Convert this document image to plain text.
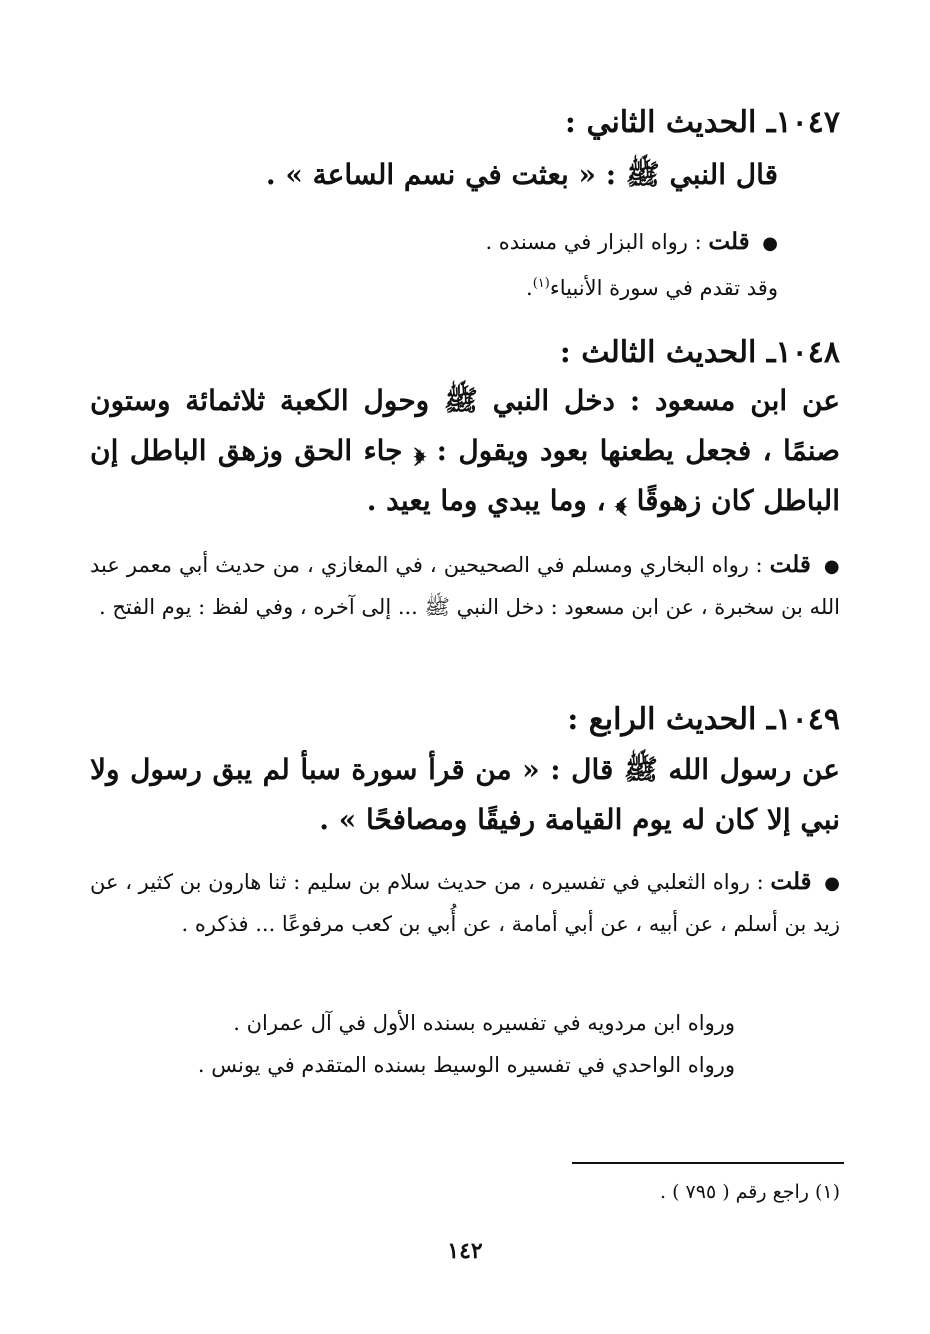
١٠٤٧ـ الحديث الثاني :
قال النبي ﷺ : « بعثت في نسم الساعة » .
● قلت : رواه البزار في مسنده .
وقد تقدم في سورة الأنبياء$^{(١)}$.
١٠٤٨ـ الحديث الثالث :
عن ابن مسعود : دخل النبي ﷺ وحول الكعبة ثلاثمائة وستون صنمًا ، فجعل يطعنها بعود ويقول : ﴿ جاء الحق وزهق الباطل إن الباطل كان زهوقًا ﴾ ، وما يبدي وما يعيد .
● قلت : رواه البخاري ومسلم في الصحيحين ، في المغازي ، من حديث أبي معمر عبد الله بن سخبرة ، عن ابن مسعود : دخل النبي ﷺ ... إلى آخره ، وفي لفظ : يوم الفتح .
١٠٤٩ـ الحديث الرابع :
عن رسول الله ﷺ قال : « من قرأ سورة سبأ لم يبق رسول ولا نبي إلا كان له يوم القيامة رفيقًا ومصافحًا » .
● قلت : رواه الثعلبي في تفسيره ، من حديث سلام بن سليم : ثنا هارون بن كثير ، عن زيد بن أسلم ، عن أبيه ، عن أبي أمامة ، عن أُبي بن كعب مرفوعًا ... فذكره .
ورواه ابن مردويه في تفسيره بسنده الأول في آل عمران .
ورواه الواحدي في تفسيره الوسيط بسنده المتقدم في يونس .
(١) راجع رقم ( ٧٩٥ ) .
١٤٢
